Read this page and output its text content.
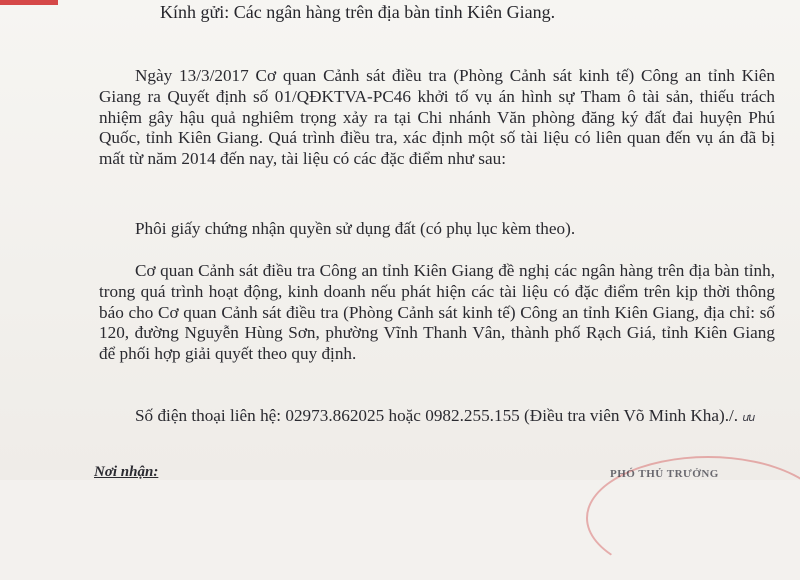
Kính gửi: Các ngân hàng trên địa bàn tỉnh Kiên Giang.

Ngày 13/3/2017 Cơ quan Cảnh sát điều tra (Phòng Cảnh sát kinh tế) Công an tỉnh Kiên Giang ra Quyết định số 01/QĐKTVA-PC46 khởi tố vụ án hình sự Tham ô tài sản, thiếu trách nhiệm gây hậu quả nghiêm trọng xảy ra tại Chi nhánh Văn phòng đăng ký đất đai huyện Phú Quốc, tỉnh Kiên Giang. Quá trình điều tra, xác định một số tài liệu có liên quan đến vụ án đã bị mất từ năm 2014 đến nay, tài liệu có các đặc điểm như sau:

Phôi giấy chứng nhận quyền sử dụng đất (có phụ lục kèm theo).

Cơ quan Cảnh sát điều tra Công an tỉnh Kiên Giang đề nghị các ngân hàng trên địa bàn tỉnh, trong quá trình hoạt động, kinh doanh nếu phát hiện các tài liệu có đặc điểm trên kịp thời thông báo cho Cơ quan Cảnh sát điều tra (Phòng Cảnh sát kinh tế) Công an tỉnh Kiên Giang, địa chỉ: số 120, đường Nguyễn Hùng Sơn, phường Vĩnh Thanh Vân, thành phố Rạch Giá, tỉnh Kiên Giang để phối hợp giải quyết theo quy định.

Số điện thoại liên hệ: 02973.862025 hoặc 0982.255.155 (Điều tra viên Võ Minh Kha)./. ưu

Nơi nhận:	PHÓ THỦ TRƯỞNG
